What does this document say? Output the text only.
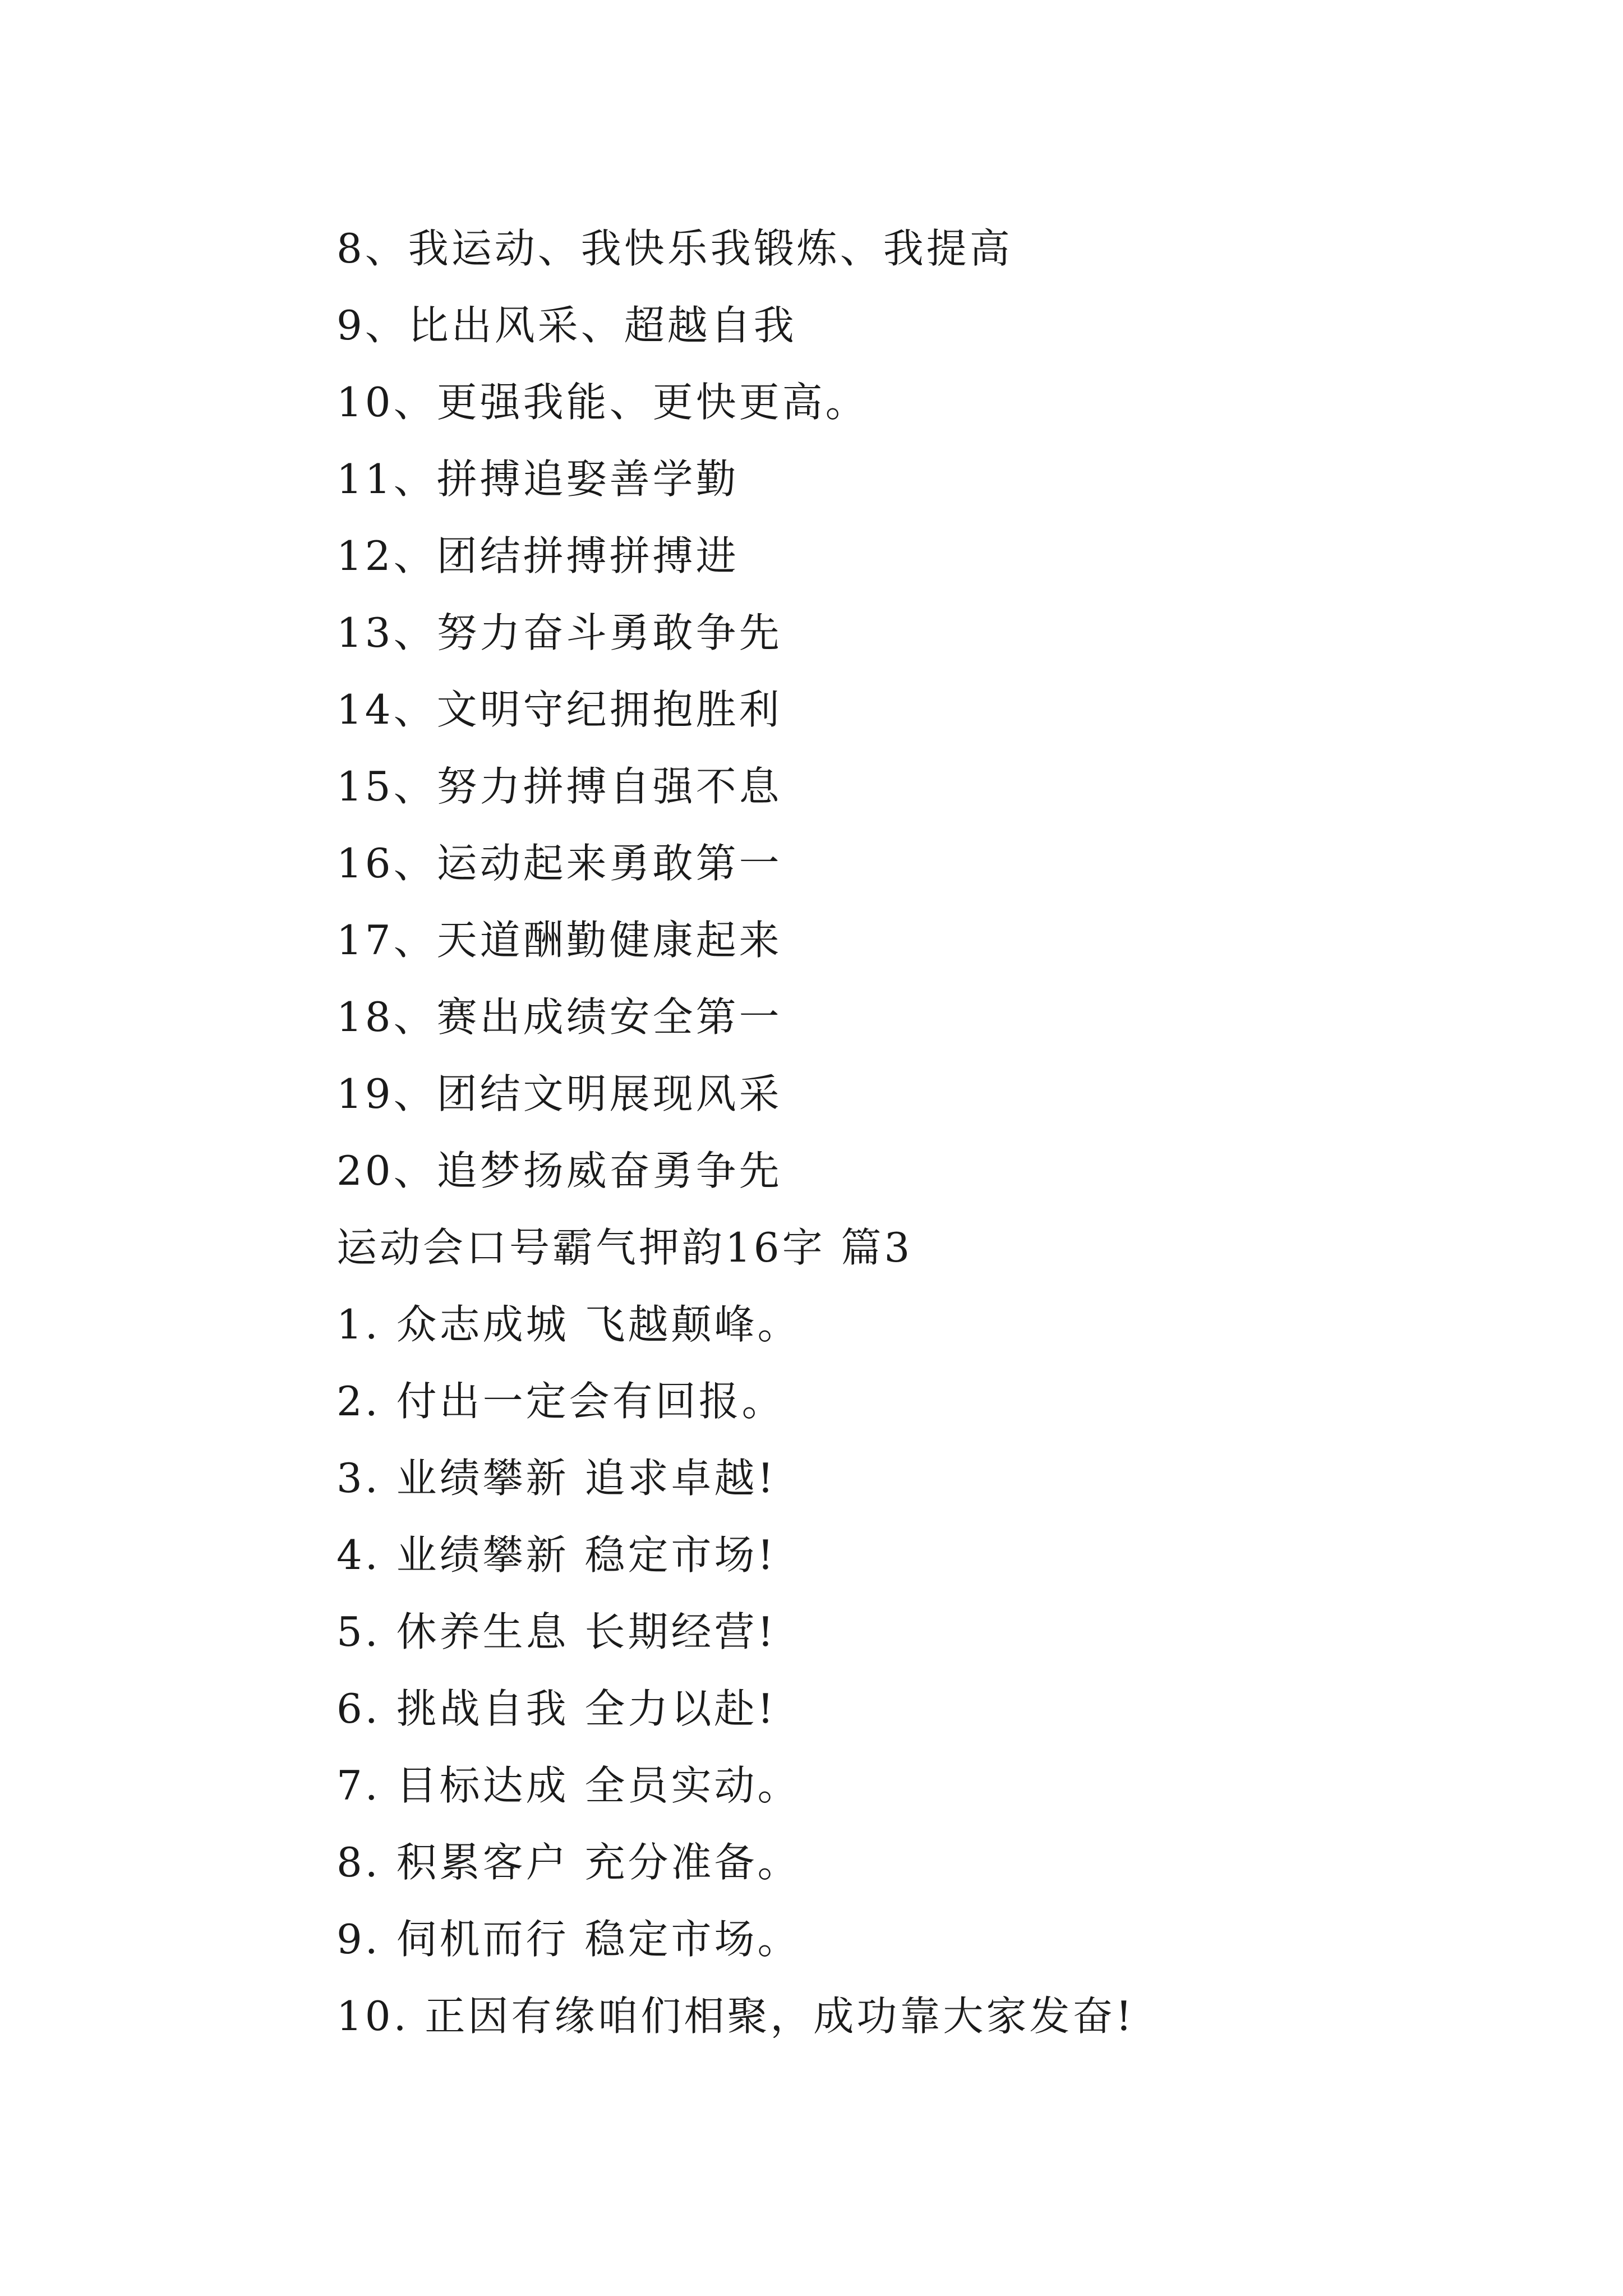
8、我运动、我快乐我锻炼、我提高
9、比出风采、超越自我
10、更强我能、更快更高。
11、拼搏追娶善学勤
12、团结拼搏拼搏进
13、努力奋斗勇敢争先
14、文明守纪拥抱胜利
15、努力拼搏自强不息
16、运动起来勇敢第一
17、天道酬勤健康起来
18、赛出成绩安全第一
19、团结文明展现风采
20、追梦扬威奋勇争先
运动会口号霸气押韵16字 篇3
1. 众志成城 飞越颠峰。
2. 付出一定会有回报。
3. 业绩攀新 追求卓越!
4. 业绩攀新 稳定市场!
5. 休养生息 长期经营!
6. 挑战自我 全力以赴!
7. 目标达成 全员实动。
8. 积累客户 充分准备。
9. 伺机而行 稳定市场。
10. 正因有缘咱们相聚，成功靠大家发奋!
